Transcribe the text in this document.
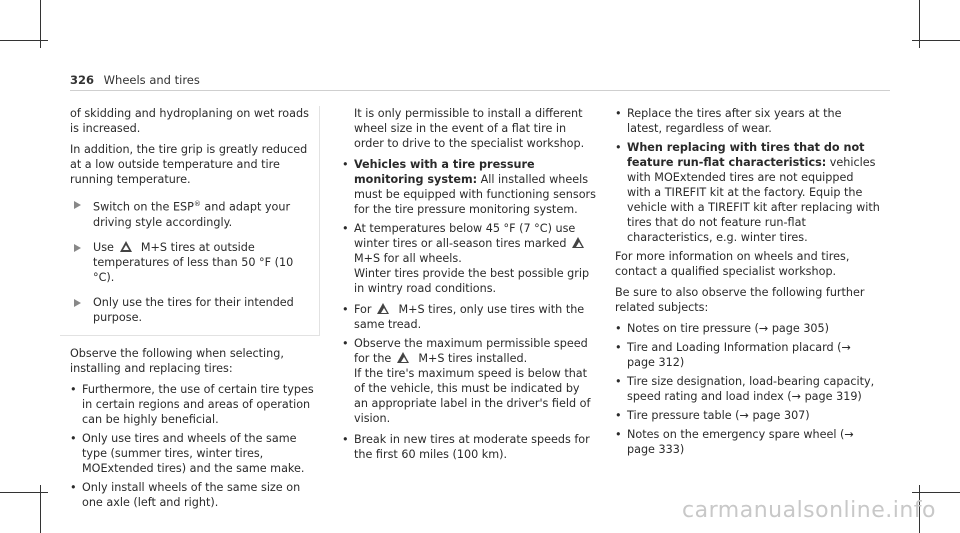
326 Wheels and tires

of skidding and hydroplaning on wet roads is increased.

In addition, the tire grip is greatly reduced at a low outside temperature and tire running temperature.

Switch on the ESP® and adapt your driving style accordingly.
Use M+S tires at outside temperatures of less than 50 °F (10 °C).
Only use the tires for their intended purpose.

Observe the following when selecting, installing and replacing tires:

• Furthermore, the use of certain tire types in certain regions and areas of operation can be highly beneficial.
• Only use tires and wheels of the same type (summer tires, winter tires, MOExtended tires) and the same make.
• Only install wheels of the same size on one axle (left and right).

It is only permissible to install a different wheel size in the event of a flat tire in order to drive to the specialist workshop.

• Vehicles with a tire pressure monitoring system: All installed wheels must be equipped with functioning sensors for the tire pressure monitoring system.
• At temperatures below 45 °F (7 °C) use winter tires or all-season tires markedM+S for all wheels.

Winter tires provide the best possible grip in wintry road conditions.

• For M+S tires, only use tires with the same tread.
• Observe the maximum permissible speed for the M+S tires installed.

If the tire's maximum speed is below that of the vehicle, this must be indicated by an appropriate label in the driver's field of vision.

• Break in new tires at moderate speeds for the first 60 miles (100 km).
• Replace the tires after six years at the latest, regardless of wear.
• When replacing with tires that do not feature run-flat characteristics: vehicles with MOExtended tires are not equipped with a TIREFIT kit at the factory. Equip the vehicle with a TIREFIT kit after replacing with tires that do not feature run-flat characteristics, e.g. winter tires.

For more information on wheels and tires, contact a qualified specialist workshop.

Be sure to also observe the following further related subjects:

• Notes on tire pressure (→ page 305)
• Tire and Loading Information placard (→ page 312)
• Tire size designation, load-bearing capacity, speed rating and load index (→ page 319)
• Tire pressure table (→ page 307)
• Notes on the emergency spare wheel (→ page 333)
carmanualsonline.info
